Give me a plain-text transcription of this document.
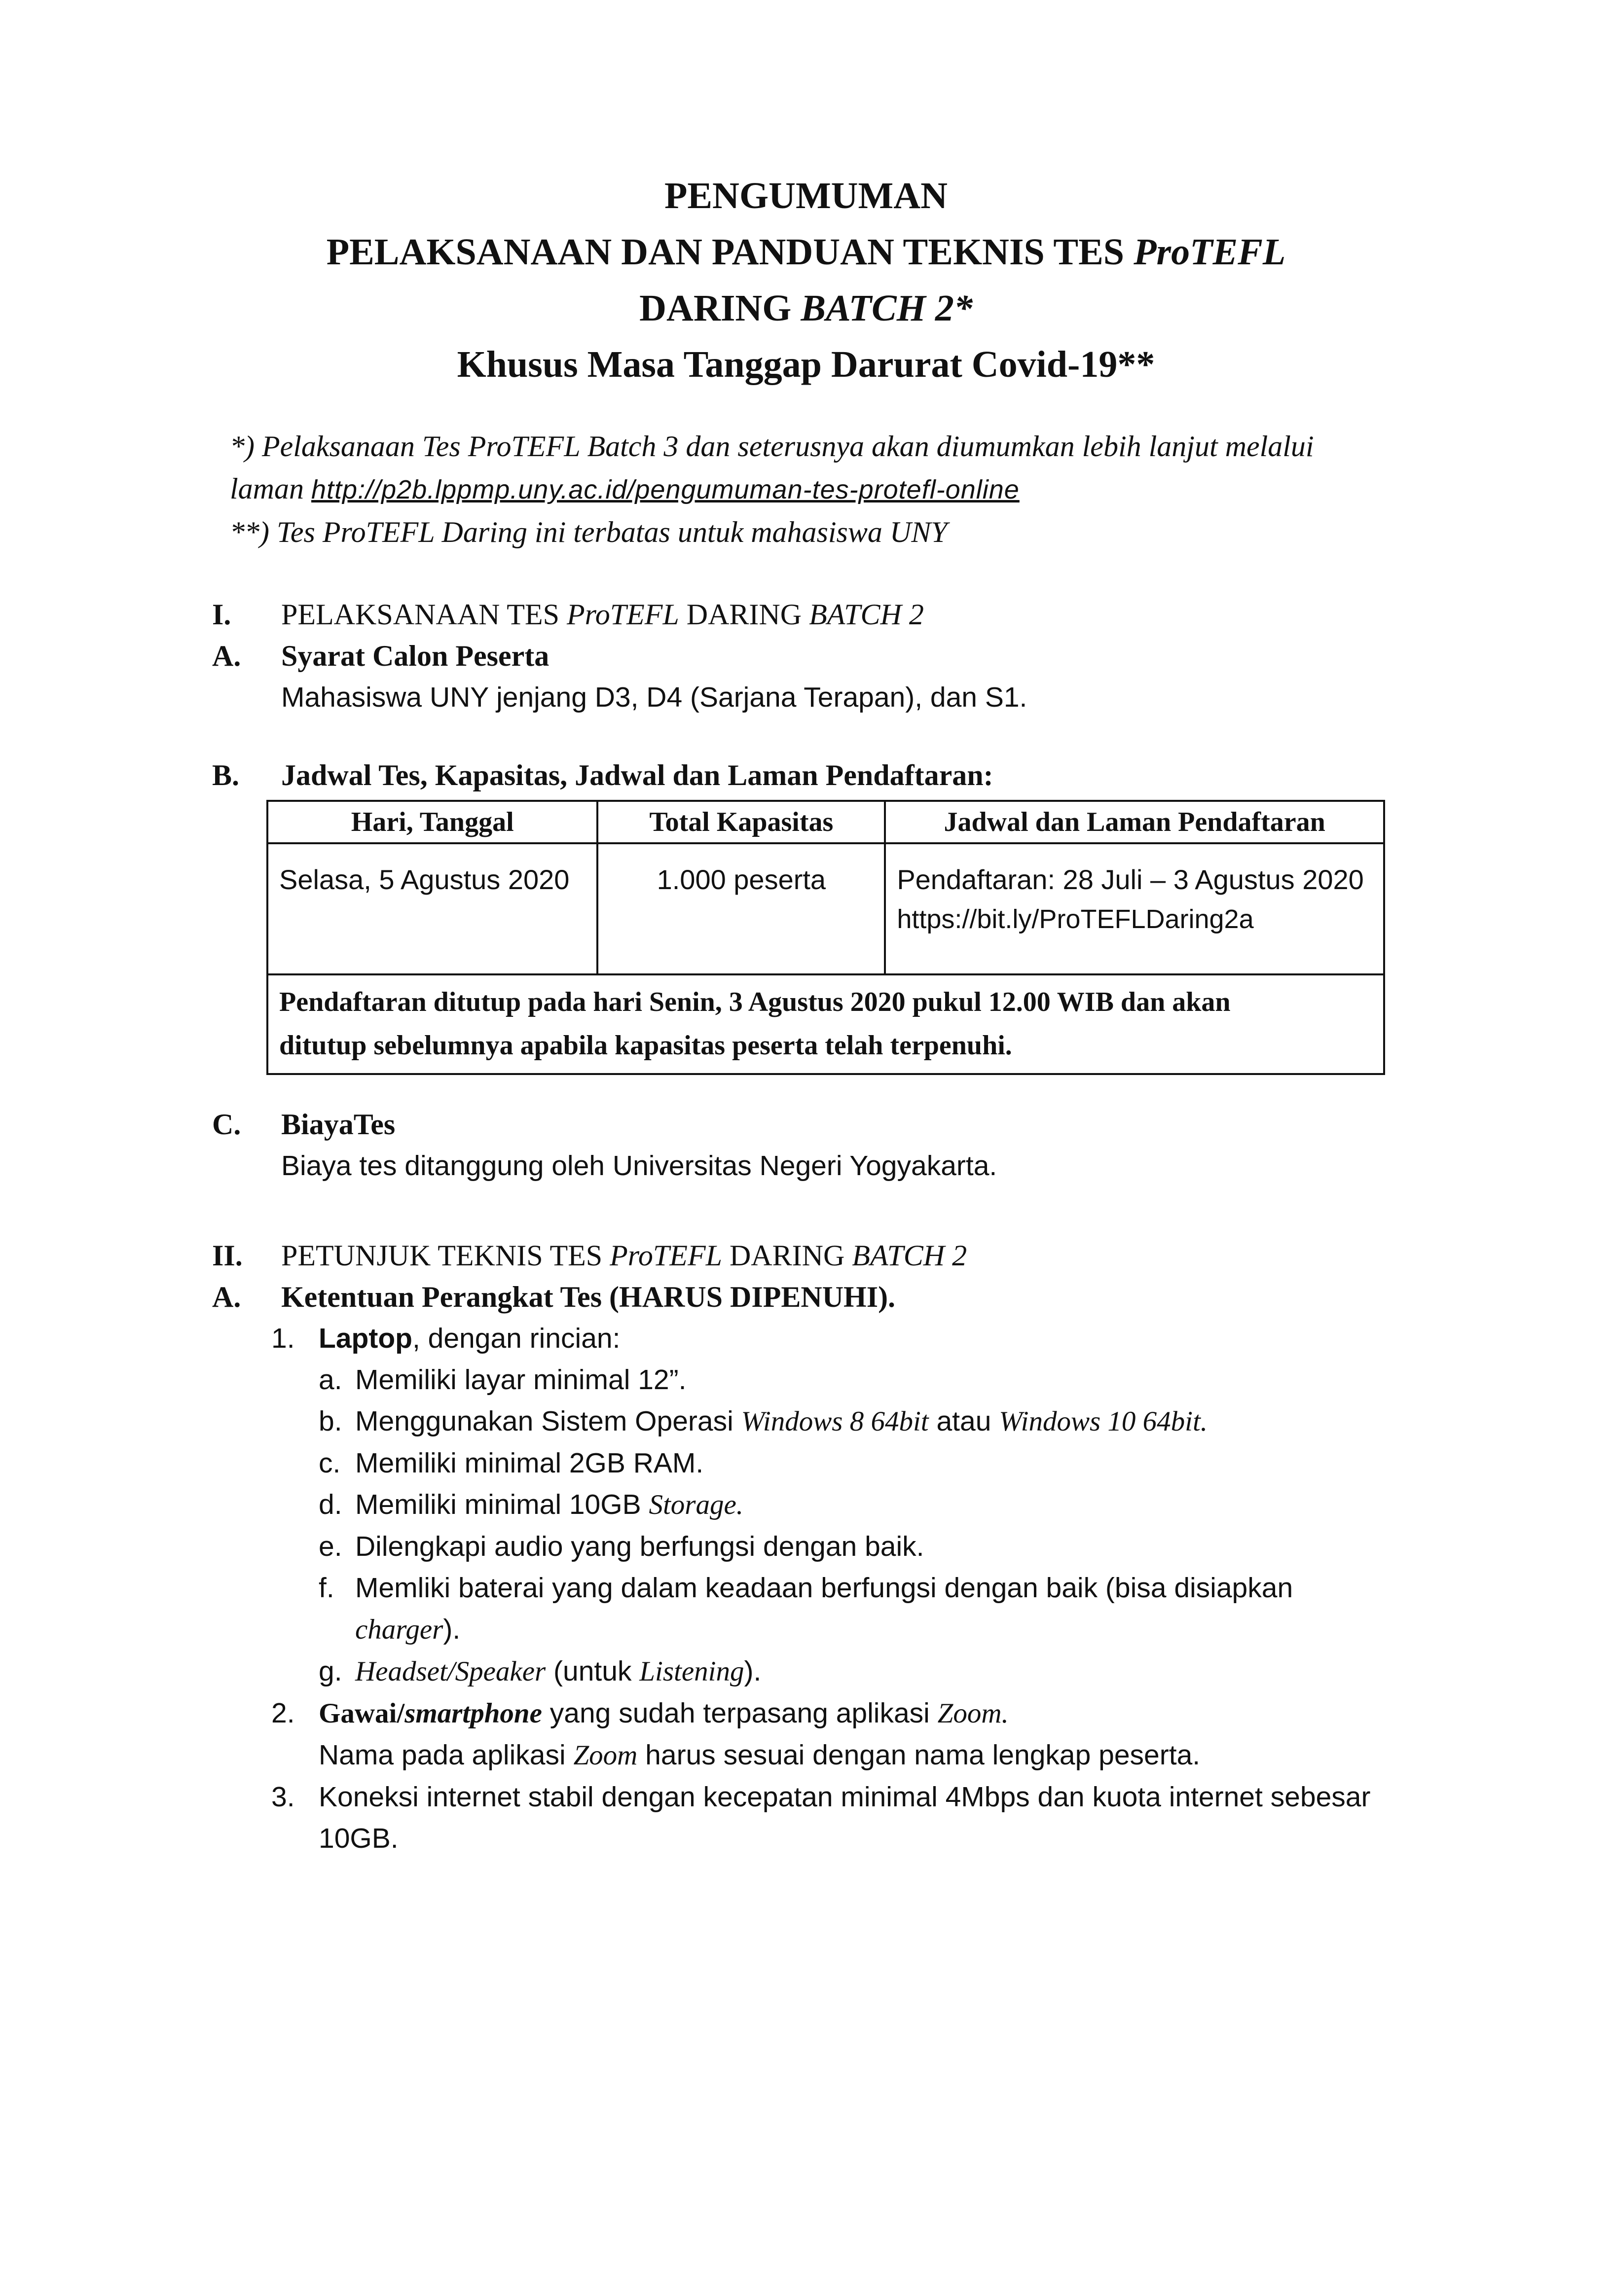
PENGUMUMAN
PELAKSANAAN DAN PANDUAN TEKNIS TES ProTEFL
DARING BATCH 2*
Khusus Masa Tanggap Darurat Covid-19**
*) Pelaksanaan Tes ProTEFL Batch 3 dan seterusnya akan diumumkan lebih lanjut melalui
laman http://p2b.lppmp.uny.ac.id/pengumuman-tes-protefl-online
**) Tes ProTEFL Daring ini terbatas untuk mahasiswa UNY
I. PELAKSANAAN TES ProTEFL DARING BATCH 2
A. Syarat Calon Peserta
Mahasiswa UNY jenjang D3, D4 (Sarjana Terapan), dan S1.
B. Jadwal Tes, Kapasitas, Jadwal dan Laman Pendaftaran:
Hari, Tanggal	Total Kapasitas	Jadwal dan Laman Pendaftaran
Selasa, 5 Agustus 2020	1.000 peserta	Pendaftaran: 28 Juli – 3 Agustus 2020
https://bit.ly/ProTEFLDaring2a

Pendaftaran ditutup pada hari Senin, 3 Agustus 2020 pukul 12.00 WIB dan akan
ditutup sebelumnya apabila kapasitas peserta telah terpenuhi.		
C. BiayaTes
Biaya tes ditanggung oleh Universitas Negeri Yogyakarta.
II. PETUNJUK TEKNIS TES ProTEFL DARING BATCH 2
A. Ketentuan Perangkat Tes (HARUS DIPENUHI).
1. Laptop, dengan rincian:
a. Memiliki layar minimal 12”.
b. Menggunakan Sistem Operasi Windows 8 64bit atau Windows 10 64bit.
c. Memiliki minimal 2GB RAM.
d. Memiliki minimal 10GB Storage.
e. Dilengkapi audio yang berfungsi dengan baik.
f. Memliki baterai yang dalam keadaan berfungsi dengan baik (bisa disiapkan
charger).
g. Headset/Speaker (untuk Listening).
2. Gawai/smartphone yang sudah terpasang aplikasi Zoom.
Nama pada aplikasi Zoom harus sesuai dengan nama lengkap peserta.
3. Koneksi internet stabil dengan kecepatan minimal 4Mbps dan kuota internet sebesar
10GB.
